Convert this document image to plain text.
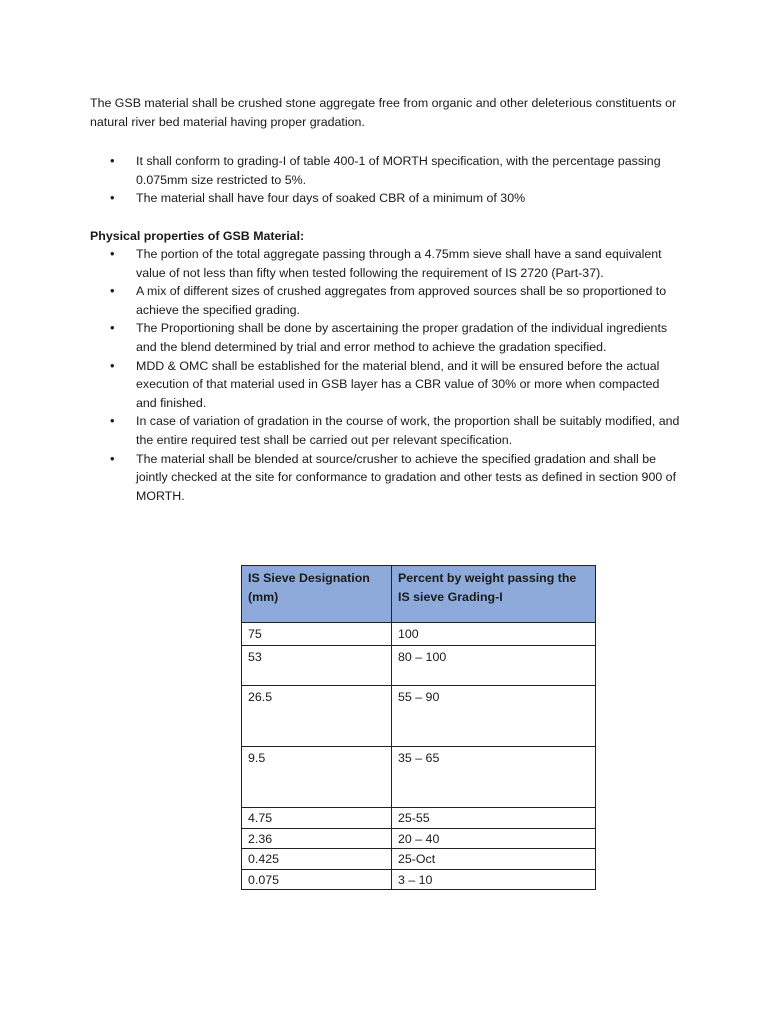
The GSB material shall be crushed stone aggregate free from organic and other deleterious constituents or natural river bed material having proper gradation.

• It shall conform to grading-I of table 400-1 of MORTH specification, with the percentage passing 0.075mm size restricted to 5%.
• The material shall have four days of soaked CBR of a minimum of 30%

Physical properties of GSB Material:

• The portion of the total aggregate passing through a 4.75mm sieve shall have a sand equivalent value of not less than fifty when tested following the requirement of IS 2720 (Part-37).
• A mix of different sizes of crushed aggregates from approved sources shall be so proportioned to achieve the specified grading.
• The Proportioning shall be done by ascertaining the proper gradation of the individual ingredients and the blend determined by trial and error method to achieve the gradation specified.
• MDD & OMC shall be established for the material blend, and it will be ensured before the actual execution of that material used in GSB layer has a CBR value of 30% or more when compacted and finished.
• In case of variation of gradation in the course of work, the proportion shall be suitably modified, and the entire required test shall be carried out per relevant specification.
• The material shall be blended at source/crusher to achieve the specified gradation and shall be jointly checked at the site for conformance to gradation and other tests as defined in section 900 of MORTH.
IS Sieve Designation (mm)	Percent by weight passing the IS sieve Grading-I
75	100
53	80 – 100
26.5	55 – 90
9.5	35 – 65
4.75	25-55
2.36	20 – 40
0.425	25-Oct
0.075	3 – 10
